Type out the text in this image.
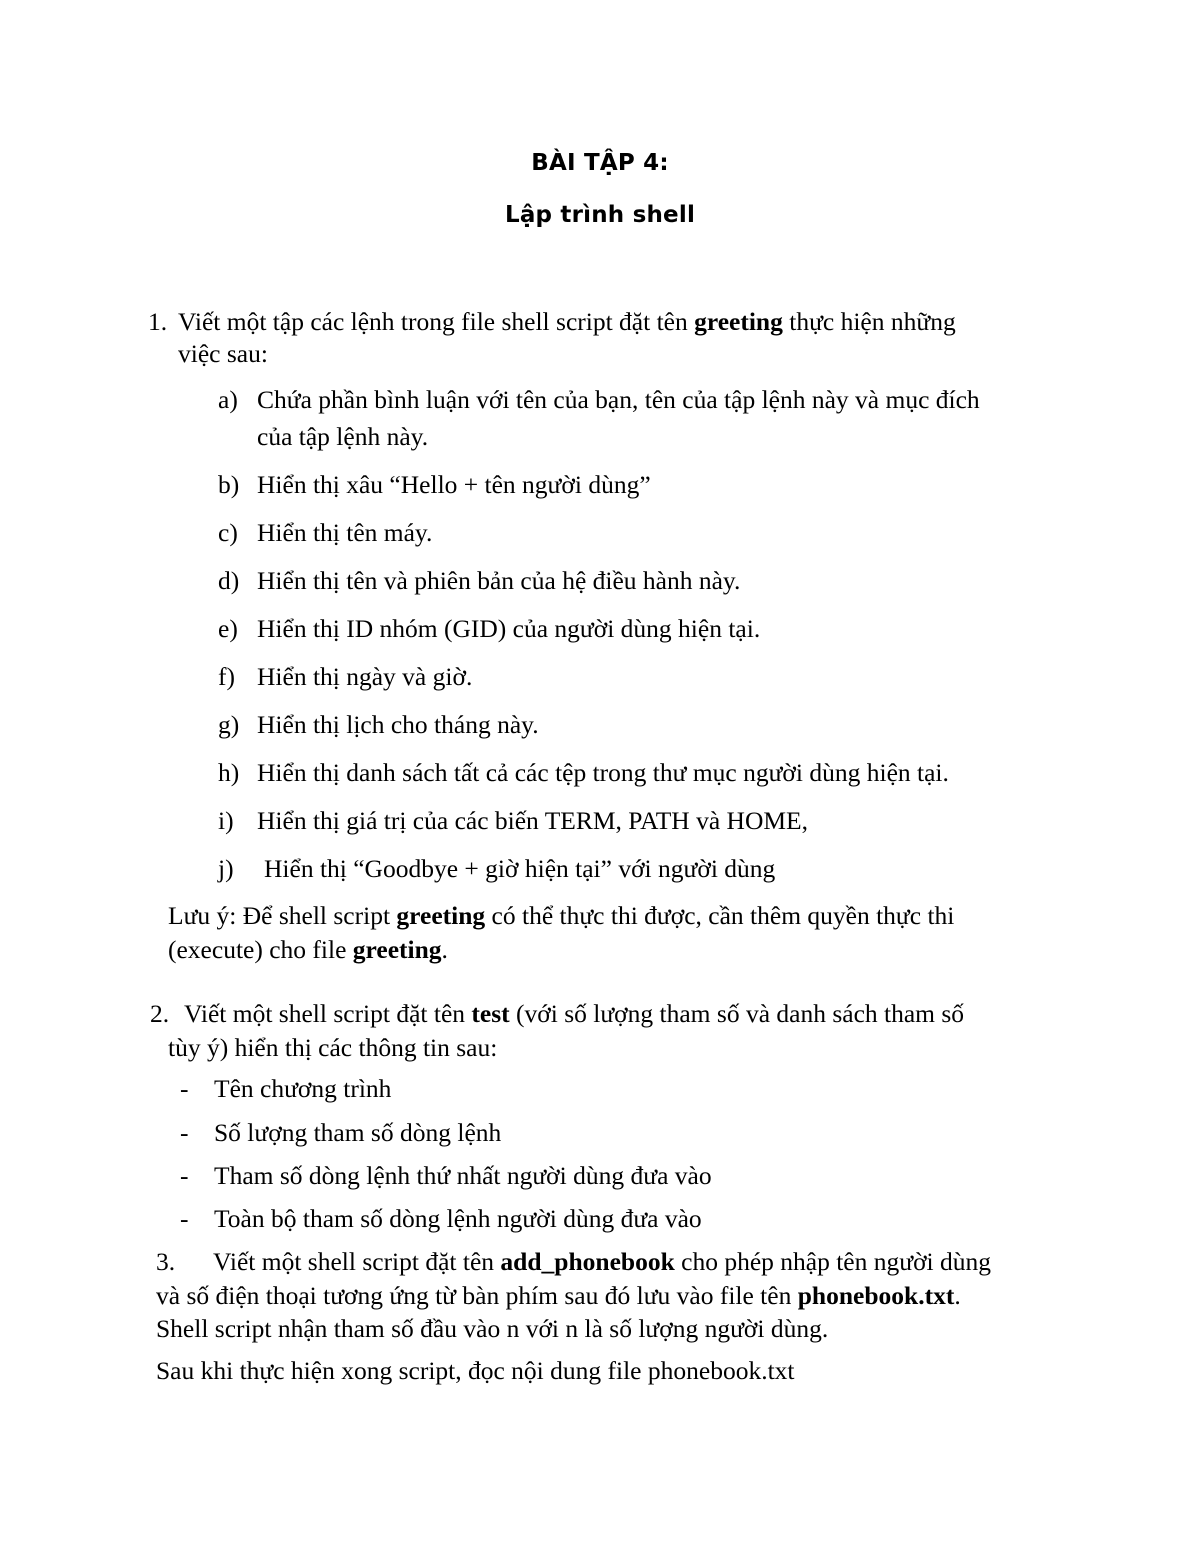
BÀI TẬP 4:
Lập trình shell
1. Viết một tập các lệnh trong file shell script đặt tên greeting thực hiện những
việc sau:
a) Chứa phần bình luận với tên của bạn, tên của tập lệnh này và mục đích
của tập lệnh này.
b) Hiển thị xâu “Hello + tên người dùng”
c) Hiển thị tên máy.
d) Hiển thị tên và phiên bản của hệ điều hành này.
e) Hiển thị ID nhóm (GID) của người dùng hiện tại.
f) Hiển thị ngày và giờ.
g) Hiển thị lịch cho tháng này.
h) Hiển thị danh sách tất cả các tệp trong thư mục người dùng hiện tại.
i) Hiển thị giá trị của các biến TERM, PATH và HOME,
j) Hiển thị “Goodbye + giờ hiện tại” với người dùng
Lưu ý: Để shell script greeting có thể thực thi được, cần thêm quyền thực thi
(execute) cho file greeting.
2. Viết một shell script đặt tên test (với số lượng tham số và danh sách tham số
tùy ý) hiển thị các thông tin sau:
- Tên chương trình
- Số lượng tham số dòng lệnh
- Tham số dòng lệnh thứ nhất người dùng đưa vào
- Toàn bộ tham số dòng lệnh người dùng đưa vào
3. Viết một shell script đặt tên add_phonebook cho phép nhập tên người dùng
và số điện thoại tương ứng từ bàn phím sau đó lưu vào file tên phonebook.txt.
Shell script nhận tham số đầu vào n với n là số lượng người dùng.
Sau khi thực hiện xong script, đọc nội dung file phonebook.txt
